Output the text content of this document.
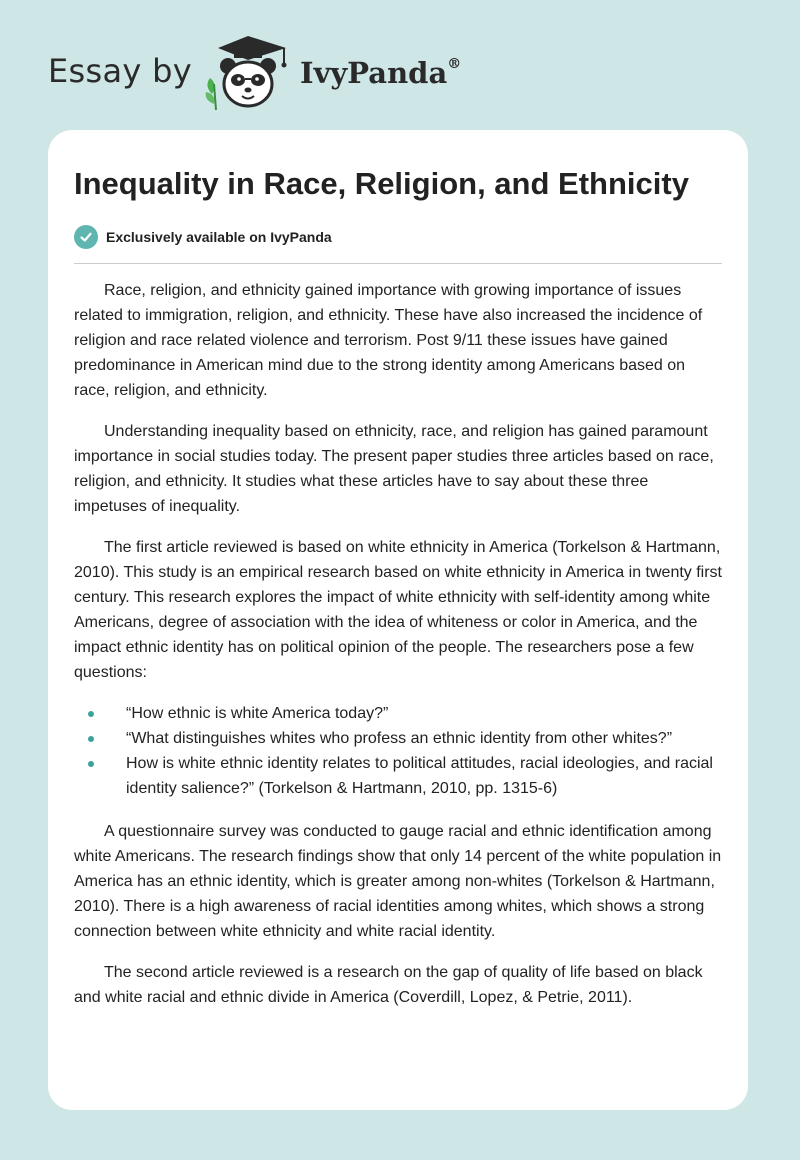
Essay by	IvyPanda®
Inequality in Race, Religion, and Ethnicity
Exclusively available on IvyPanda

Race, religion, and ethnicity gained importance with growing importance of issues related to immigration, religion, and ethnicity. These have also increased the incidence of religion and race related violence and terrorism. Post 9/11 these issues have gained predominance in American mind due to the strong identity among Americans based on race, religion, and ethnicity.

Understanding inequality based on ethnicity, race, and religion has gained paramount importance in social studies today. The present paper studies three articles based on race, religion, and ethnicity. It studies what these articles have to say about these three impetuses of inequality.

The first article reviewed is based on white ethnicity in America (Torkelson & Hartmann, 2010). This study is an empirical research based on white ethnicity in America in twenty first century. This research explores the impact of white ethnicity with self-identity among white Americans, degree of association with the idea of whiteness or color in America, and the impact ethnic identity has on political opinion of the people. The researchers pose a few questions:

“How ethnic is white America today?”
“What distinguishes whites who profess an ethnic identity from other whites?”
How is white ethnic identity relates to political attitudes, racial ideologies, and racial identity salience?” (Torkelson & Hartmann, 2010, pp. 1315-6)

A questionnaire survey was conducted to gauge racial and ethnic identification among white Americans. The research findings show that only 14 percent of the white population in America has an ethnic identity, which is greater among non-whites (Torkelson & Hartmann, 2010). There is a high awareness of racial identities among whites, which shows a strong connection between white ethnicity and white racial identity.

The second article reviewed is a research on the gap of quality of life based on black and white racial and ethnic divide in America (Coverdill, Lopez, & Petrie, 2011).
